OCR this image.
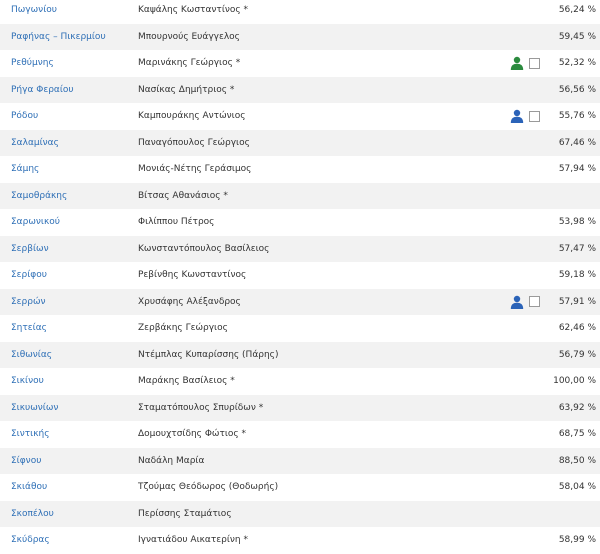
Πωγωνίου	Καψάλης Κωσταντίνος *	56,24 %
Ραφήνας – Πικερμίου	Μπουρνούς Ευάγγελος	59,45 %
Ρεθύμνης	Μαρινάκης Γεώργιος *	52,32 %
Ρήγα Φεραίου	Νασίκας Δημήτριος *	56,56 %
Ρόδου	Καμπουράκης Αντώνιος	55,76 %
Σαλαμίνας	Παναγόπουλος Γεώργιος	67,46 %
Σάμης	Μονιάς-Νέτης Γεράσιμος	57,94 %
Σαμοθράκης	Βίτσας Αθανάσιος *
Σαρωνικού	Φιλίππου Πέτρος	53,98 %
Σερβίων	Κωνσταντόπουλος Βασίλειος	57,47 %
Σερίφου	Ρεβίνθης Κωνσταντίνος	59,18 %
Σερρών	Χρυσάφης Αλέξανδρος	57,91 %
Σητείας	Ζερβάκης Γεώργιος	62,46 %
Σιθωνίας	Ντέμπλας Κυπαρίσσης (Πάρης)	56,79 %
Σικίνου	Μαράκης Βασίλειος *	100,00 %
Σικυωνίων	Σταματόπουλος Σπυρίδων *	63,92 %
Σιντικής	Δομουχτσίδης Φώτιος *	68,75 %
Σίφνου	Ναδάλη Μαρία	88,50 %
Σκιάθου	Τζούμας Θεόδωρος (Θοδωρής)	58,04 %
Σκοπέλου	Περίσσης Σταμάτιος
Σκύδρας	Ιγνατιάδου Αικατερίνη *	58,99 %
